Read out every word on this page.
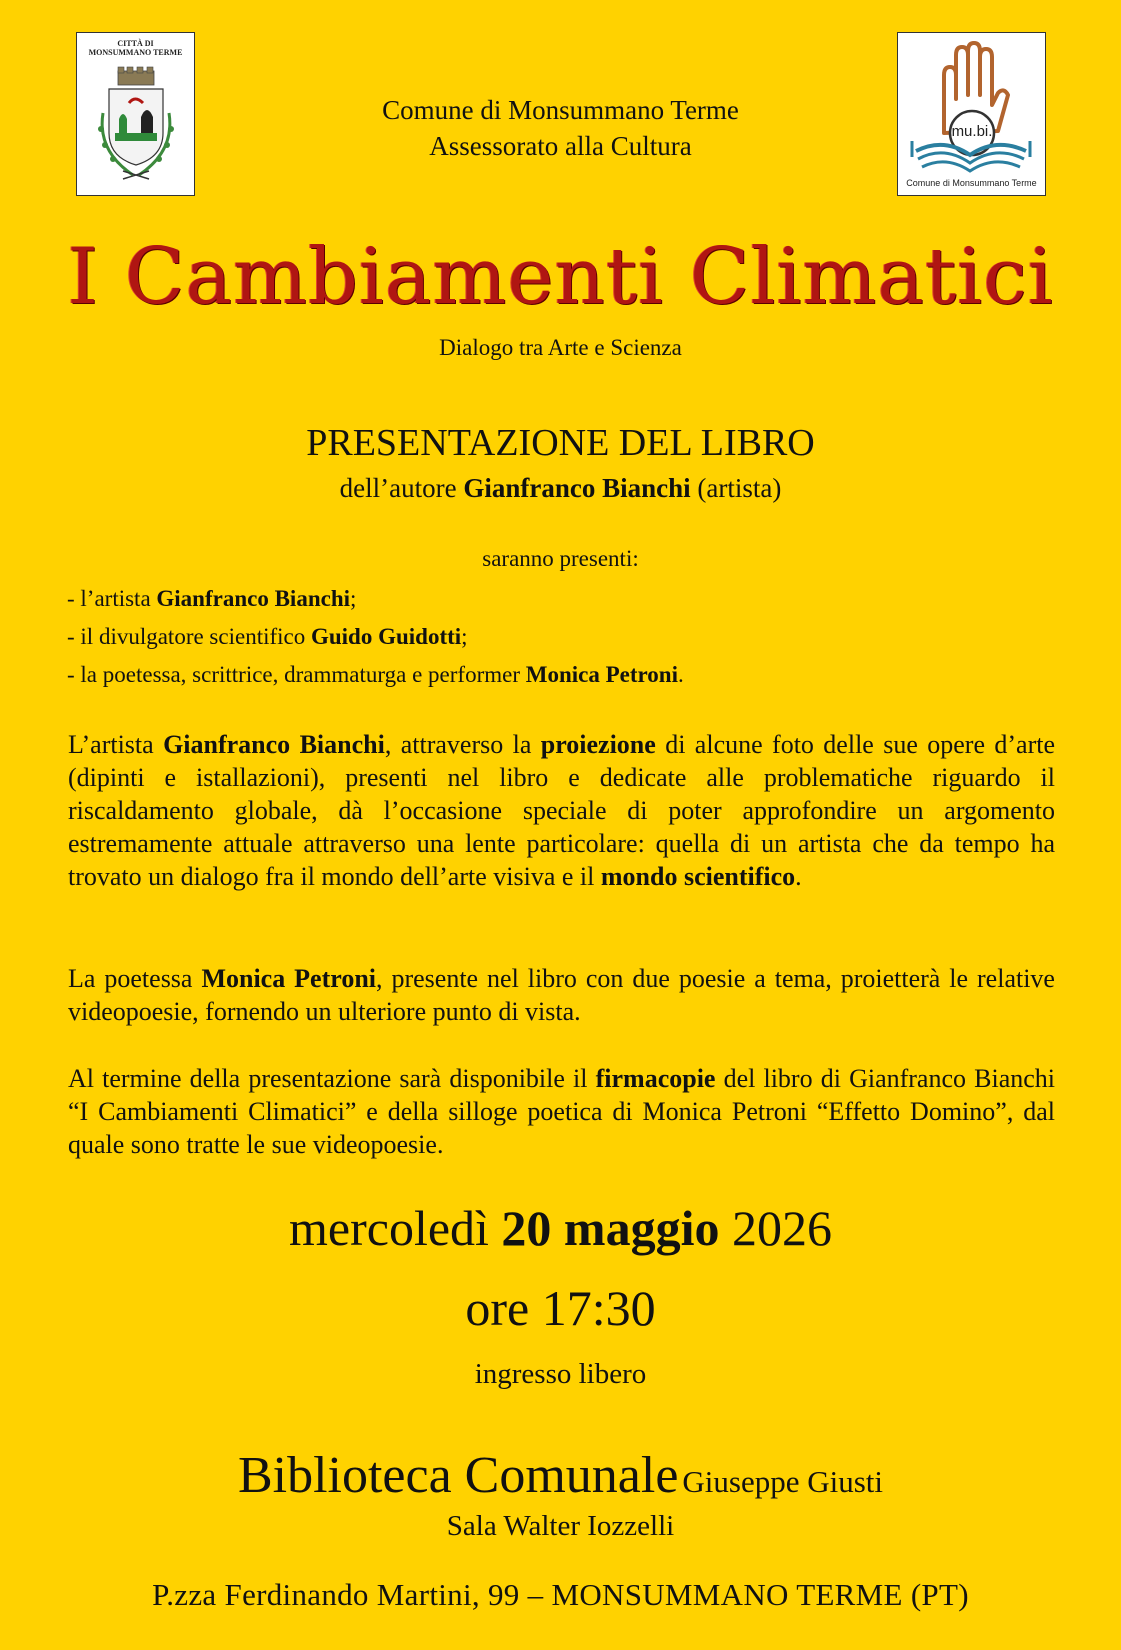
CITTÀ DI
MONSUMMANO TERME
mu.bi.
Comune di Monsummano Terme
Comune di Monsummano Terme
Assessorato alla Cultura
I Cambiamenti Climatici
Dialogo tra Arte e Scienza
PRESENTAZIONE DEL LIBRO
dell’autore Gianfranco Bianchi (artista)
saranno presenti:
- l’artista Gianfranco Bianchi;
- il divulgatore scientifico Guido Guidotti;
- la poetessa, scrittrice, drammaturga e performer Monica Petroni.

L’artista Gianfranco Bianchi, attraverso la proiezione di alcune foto delle sue opere d’arte (dipinti e istallazioni), presenti nel libro e dedicate alle problematiche riguardo il riscaldamento globale, dà l’occasione speciale di poter approfondire un argomento estremamente attuale attraverso una lente particolare: quella di un artista che da tempo ha trovato un dialogo fra il mondo dell’arte visiva e il mondo scientifico.

La poetessa Monica Petroni, presente nel libro con due poesie a tema, proietterà le relative videopoesie, fornendo un ulteriore punto di vista.

Al termine della presentazione sarà disponibile il firmacopie del libro di Gianfranco Bianchi “I Cambiamenti Climatici” e della silloge poetica di Monica Petroni “Effetto Domino”, dal quale sono tratte le sue videopoesie.

mercoledì 20 maggio 2026
ore 17:30
ingresso libero
Biblioteca Comunale Giuseppe Giusti
Sala Walter Iozzelli
P.zza Ferdinando Martini, 99 – MONSUMMANO TERME (PT)
